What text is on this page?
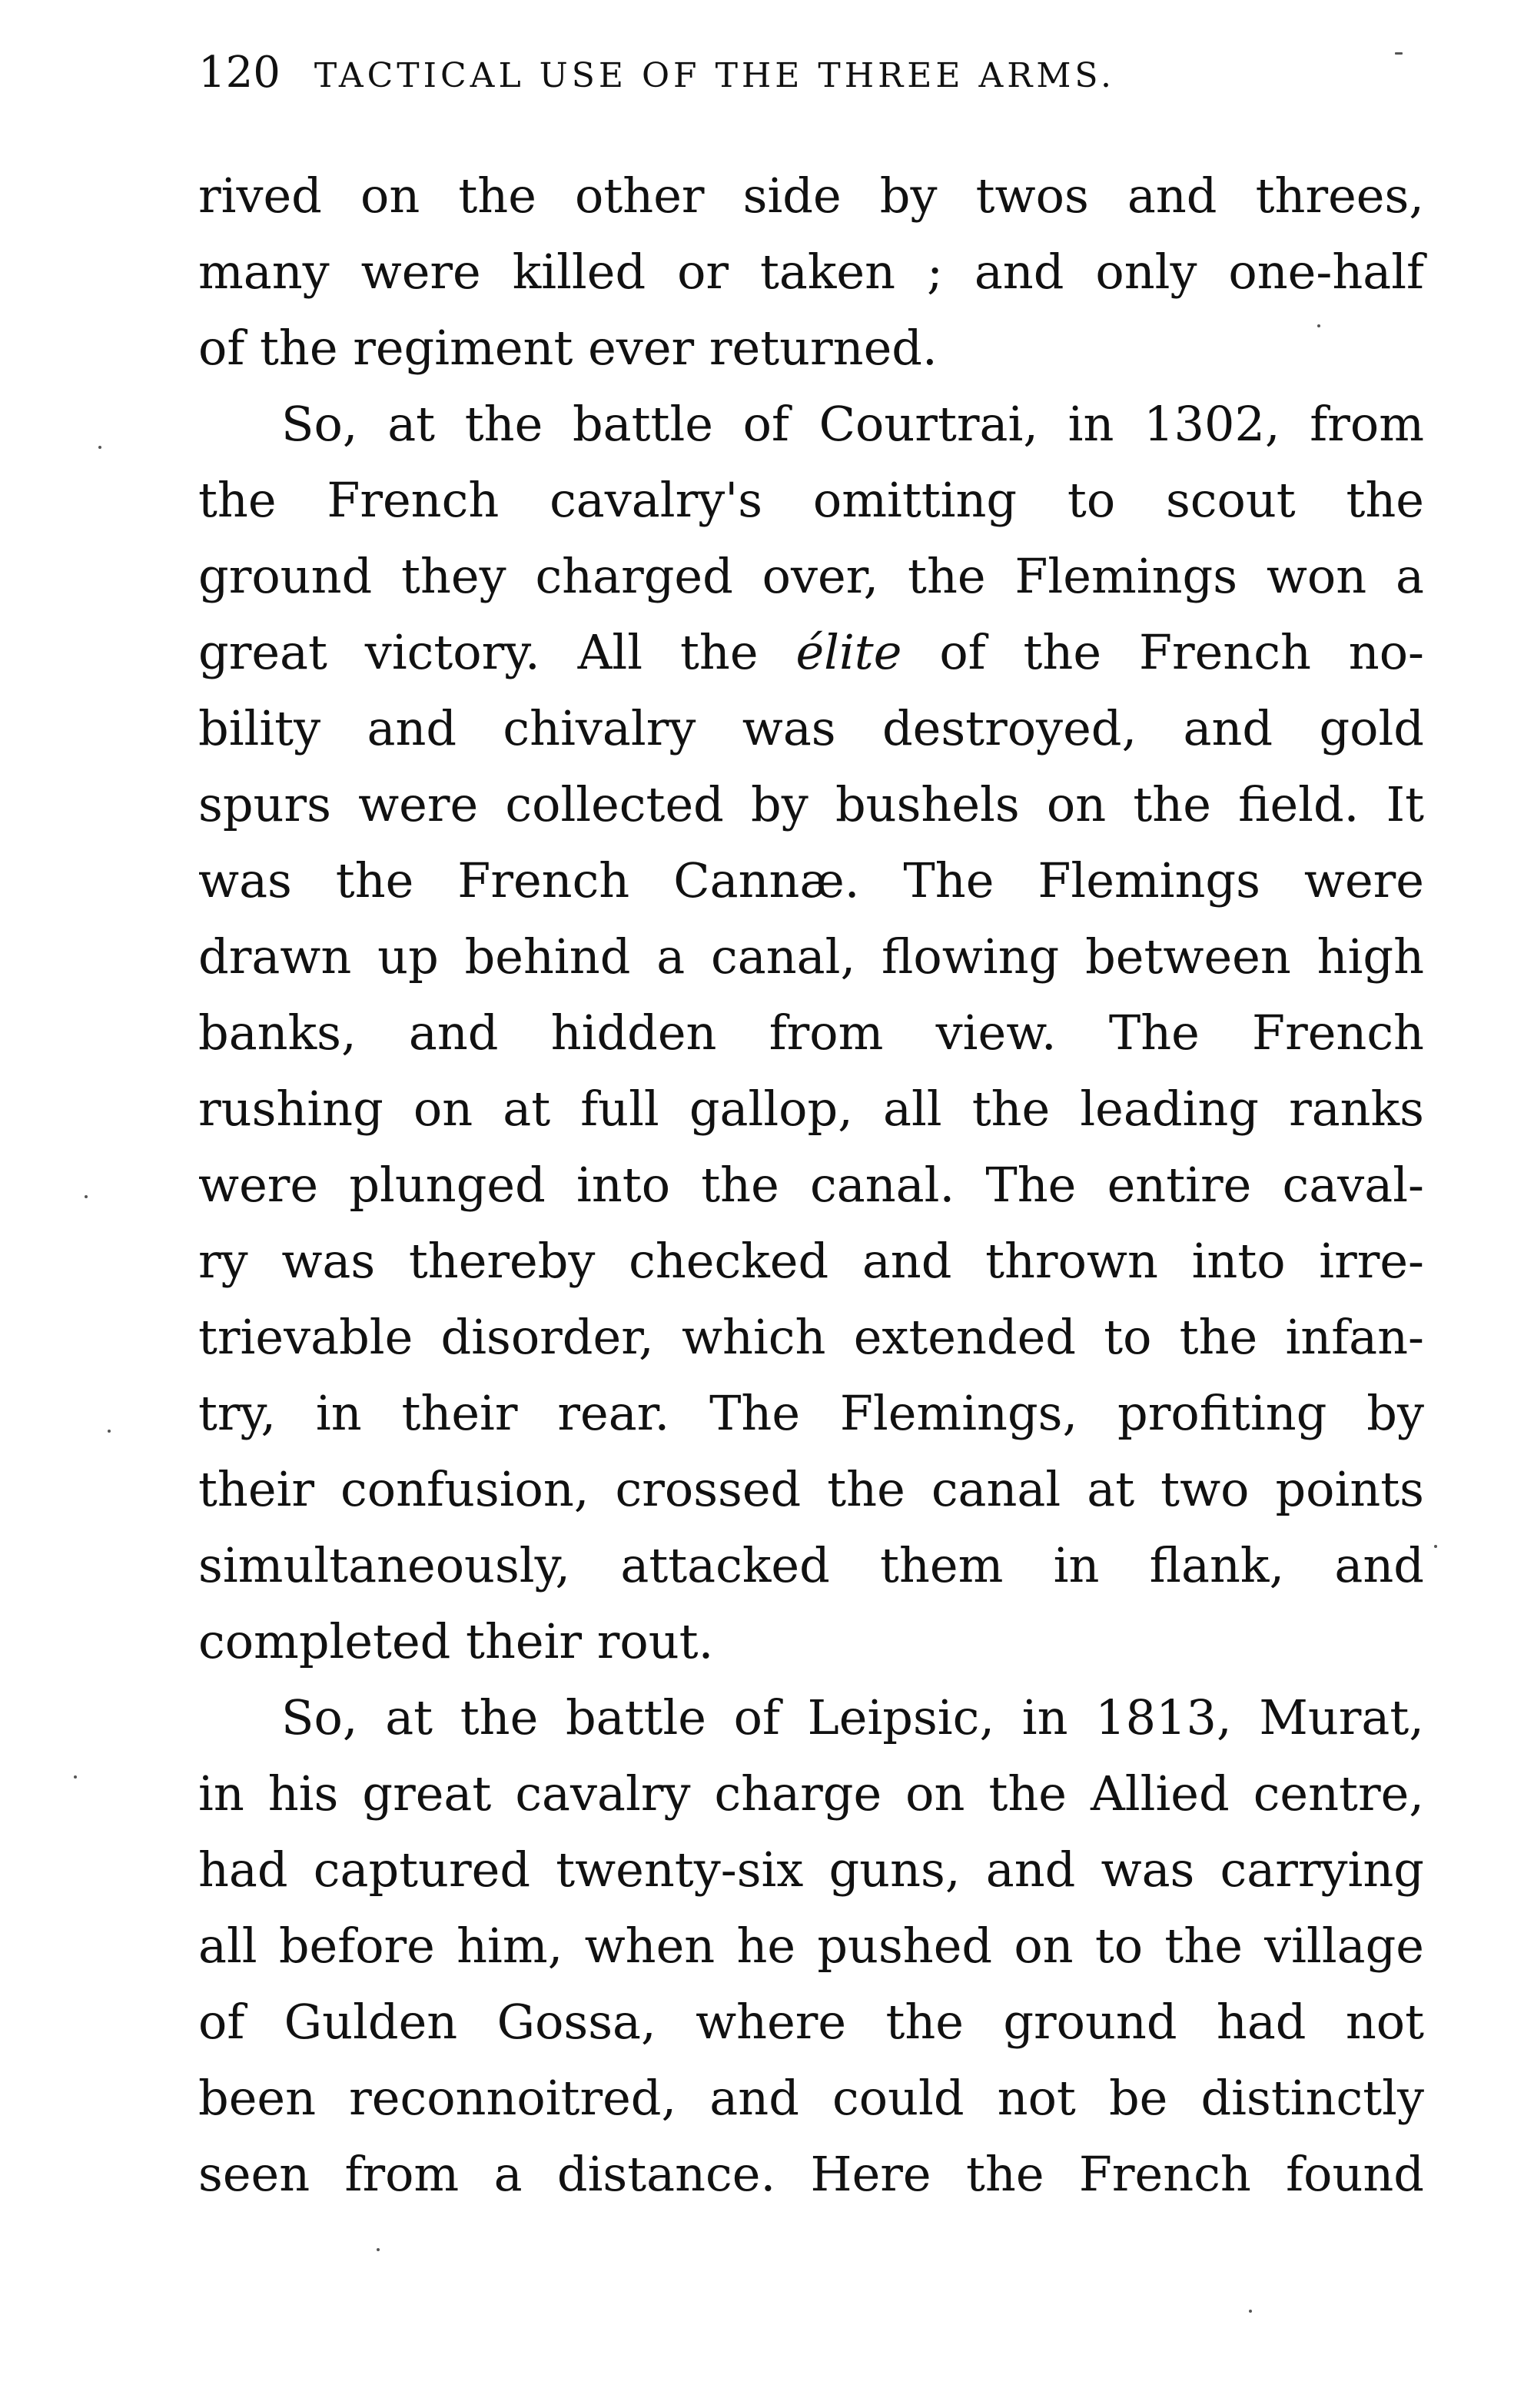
120 TACTICAL USE OF THE THREE ARMS.
rived on the other side by twos and threes,
many were killed or taken ; and only one-half
of the regiment ever returned.
So, at the battle of Courtrai, in 1302, from
the French cavalry's omitting to scout the
ground they charged over, the Flemings won a
great victory. All the élite of the French no-
bility and chivalry was destroyed, and gold
spurs were collected by bushels on the field. It
was the French Cannæ. The Flemings were
drawn up behind a canal, flowing between high
banks, and hidden from view. The French
rushing on at full gallop, all the leading ranks
were plunged into the canal. The entire caval-
ry was thereby checked and thrown into irre-
trievable disorder, which extended to the infan-
try, in their rear. The Flemings, profiting by
their confusion, crossed the canal at two points
simultaneously, attacked them in flank, and
completed their rout.
So, at the battle of Leipsic, in 1813, Murat,
in his great cavalry charge on the Allied centre,
had captured twenty-six guns, and was carrying
all before him, when he pushed on to the village
of Gulden Gossa, where the ground had not
been reconnoitred, and could not be distinctly
seen from a distance. Here the French found
